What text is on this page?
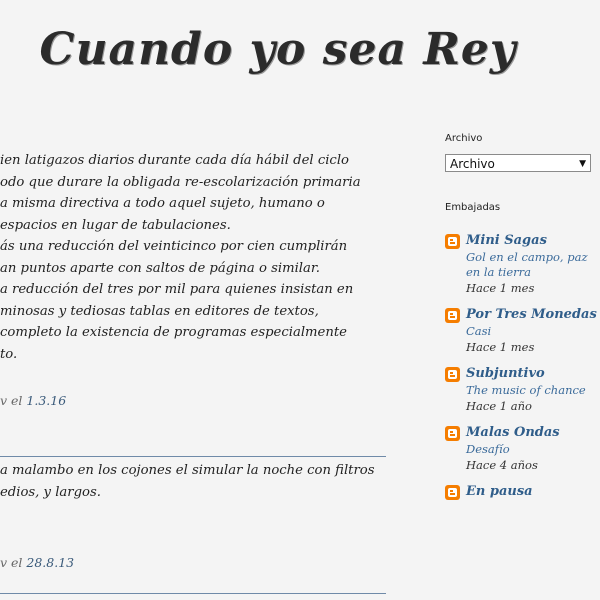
Cuando yo sea Rey
ien latigazos diarios durante cada día hábil del ciclo
odo que durare la obligada re-escolarización primaria
a misma directiva a todo aquel sujeto, humano o
espacios en lugar de tabulaciones.
ás una reducción del veinticinco por cien cumplirán
an puntos aparte con saltos de página o similar.
a reducción del tres por mil para quienes insistan en
minosas y tediosas tablas en editores de textos,
completo la existencia de programas especialmente
to.
v el 1.3.16
a malambo en los cojones el simular la noche con filtros
edios, y largos.
v el 28.8.13
Archivo
Archivo	▼
Embajadas
Mini Sagas
Gol en el campo, paz en la tierra
Hace 1 mes
Por Tres Monedas
Casi
Hace 1 mes
Subjuntivo
The music of chance
Hace 1 año
Malas Ondas
Desafío
Hace 4 años
En pausa
